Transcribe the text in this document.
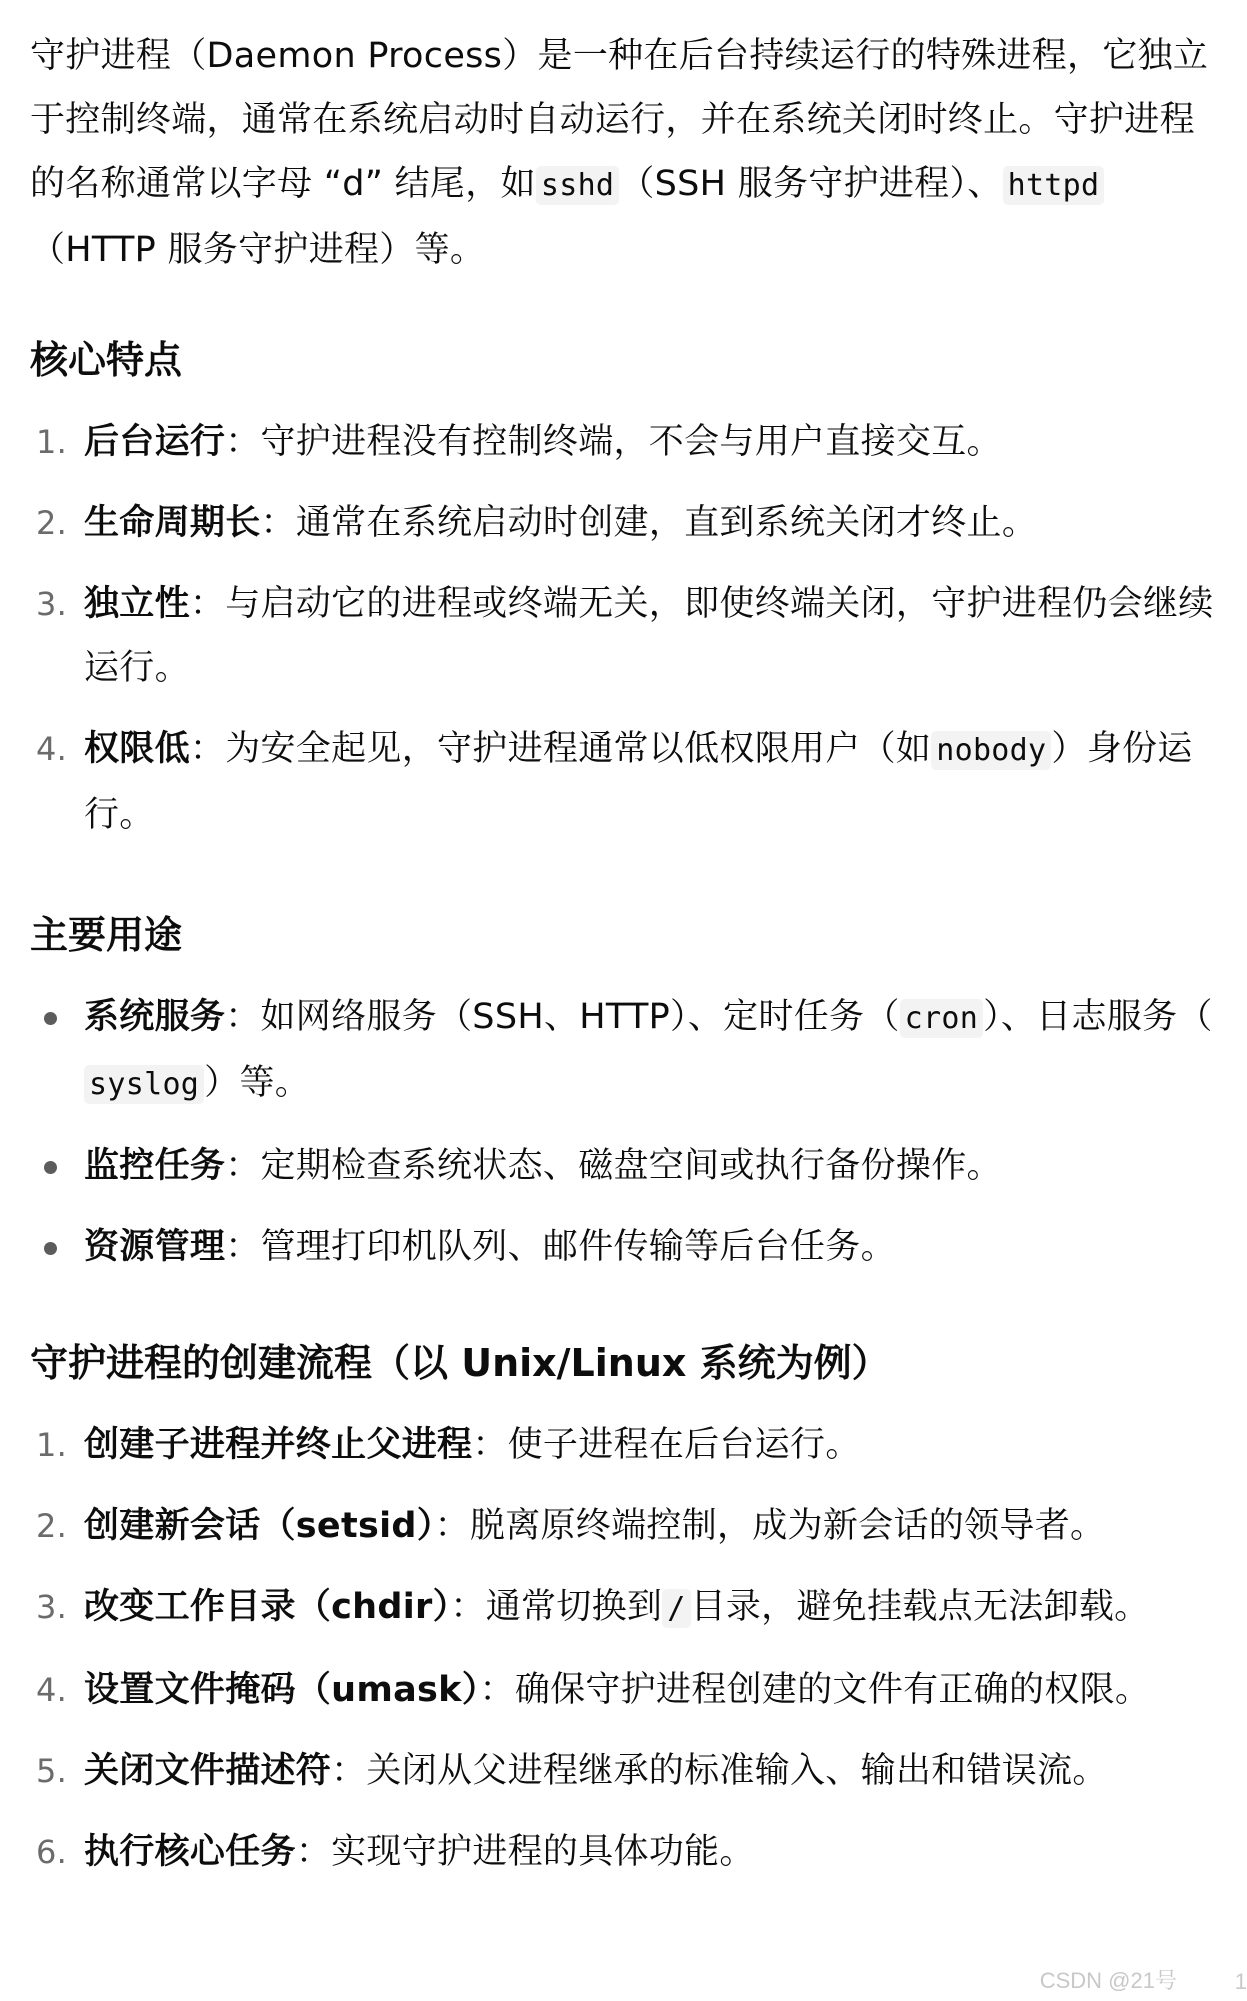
守护进程（Daemon Process）是一种在后台持续运行的特殊进程，它独立于控制终端，通常在系统启动时自动运行，并在系统关闭时终止。守护进程的名称通常以字母 “d” 结尾，如 sshd （SSH 服务守护进程）、 httpd
（HTTP 服务守护进程）等。

核心特点
1. 后台运行：守护进程没有控制终端，不会与用户直接交互。
2. 生命周期长：通常在系统启动时创建，直到系统关闭才终止。
3. 独立性：与启动它的进程或终端无关，即使终端关闭，守护进程仍会继续运行。
4. 权限低：为安全起见，守护进程通常以低权限用户（如 nobody ）身份运行。
主要用途
系统服务：如网络服务（SSH、HTTP）、定时任务（ cron ）、日志服务（
syslog ）等。
监控任务：定期检查系统状态、磁盘空间或执行备份操作。
资源管理：管理打印机队列、邮件传输等后台任务。
守护进程的创建流程（以 Unix/Linux 系统为例）
1. 创建子进程并终止父进程：使子进程在后台运行。
2. 创建新会话（setsid）：脱离原终端控制，成为新会话的领导者。
3. 改变工作目录（chdir）：通常切换到 / 目录，避免挂载点无法卸载。
4. 设置文件掩码（umask）：确保守护进程创建的文件有正确的权限。
5. 关闭文件描述符：关闭从父进程继承的标准输入、输出和错误流。
6. 执行核心任务：实现守护进程的具体功能。
CSDN @21号	1
